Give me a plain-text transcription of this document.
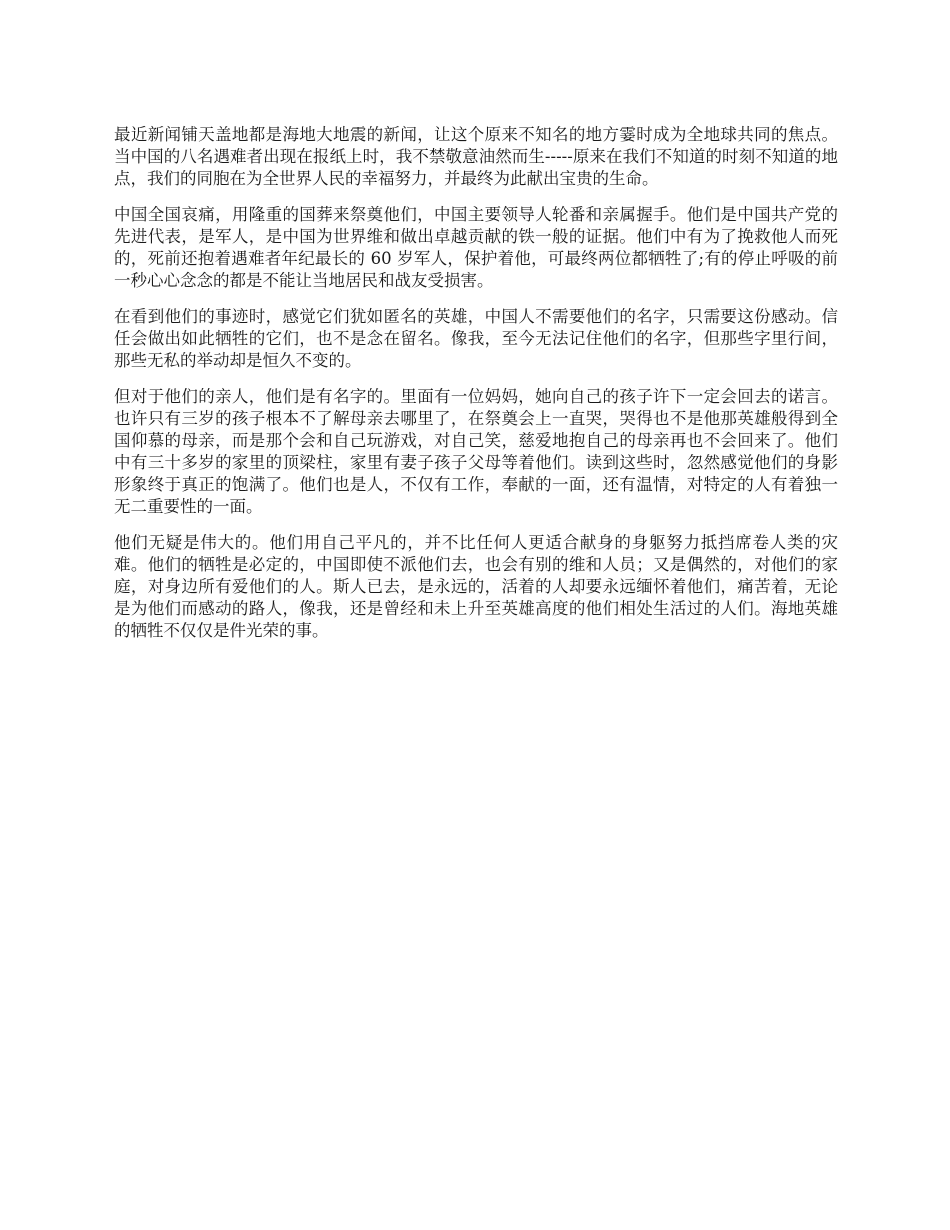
最近新闻铺天盖地都是海地大地震的新闻，让这个原来不知名的地方霎时成为全地球共同的焦点。当中国的八名遇难者出现在报纸上时，我不禁敬意油然而生-----原来在我们不知道的时刻不知道的地点，我们的同胞在为全世界人民的幸福努力，并最终为此献出宝贵的生命。

中国全国哀痛，用隆重的国葬来祭奠他们，中国主要领导人轮番和亲属握手。他们是中国共产党的先进代表，是军人，是中国为世界维和做出卓越贡献的铁一般的证据。他们中有为了挽救他人而死的，死前还抱着遇难者年纪最长的 60 岁军人，保护着他，可最终两位都牺牲了;有的停止呼吸的前一秒心心念念的都是不能让当地居民和战友受损害。

在看到他们的事迹时，感觉它们犹如匿名的英雄，中国人不需要他们的名字，只需要这份感动。信任会做出如此牺牲的它们，也不是念在留名。像我，至今无法记住他们的名字，但那些字里行间，那些无私的举动却是恒久不变的。

但对于他们的亲人，他们是有名字的。里面有一位妈妈，她向自己的孩子许下一定会回去的诺言。也许只有三岁的孩子根本不了解母亲去哪里了，在祭奠会上一直哭，哭得也不是他那英雄般得到全国仰慕的母亲，而是那个会和自己玩游戏，对自己笑，慈爱地抱自己的母亲再也不会回来了。他们中有三十多岁的家里的顶梁柱，家里有妻子孩子父母等着他们。读到这些时，忽然感觉他们的身影形象终于真正的饱满了。他们也是人，不仅有工作，奉献的一面，还有温情，对特定的人有着独一无二重要性的一面。

他们无疑是伟大的。他们用自己平凡的，并不比任何人更适合献身的身躯努力抵挡席卷人类的灾难。他们的牺牲是必定的，中国即使不派他们去，也会有别的维和人员；又是偶然的，对他们的家庭，对身边所有爱他们的人。斯人已去，是永远的，活着的人却要永远缅怀着他们，痛苦着，无论是为他们而感动的路人，像我，还是曾经和未上升至英雄高度的他们相处生活过的人们。海地英雄的牺牲不仅仅是件光荣的事。
